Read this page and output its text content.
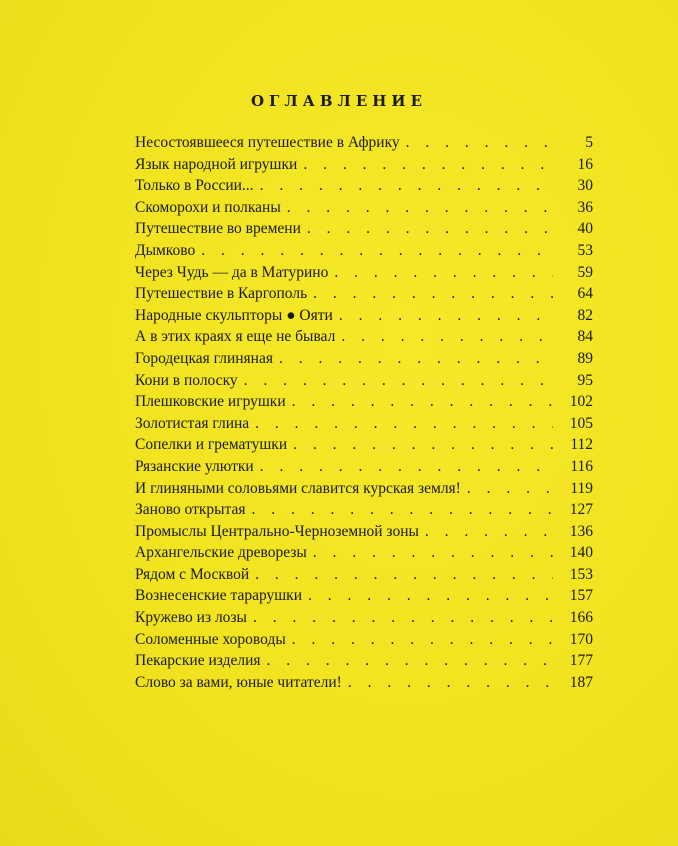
ОГЛАВЛЕНИЕ
Несостоявшееся путешествие в Африку . . .	5
Язык народной игрушки . . .	16
Только в России... . . .	30
Скоморохи и полканы . . .	36
Путешествие во времени . . .	40
Дымково . . .	53
Через Чудь — да в Матурино . . .	59
Путешествие в Каргополь . . .	64
Народные скульпторы ● Ояти . . .	82
А в этих краях я еще не бывал . . .	84
Городецкая глиняная . . .	89
Кони в полоску . . .	95
Плешковские игрушки . . .	102
Золотистая глина . . .	105
Сопелки и грематушки . . .	112
Рязанские улютки . . .	116
И глиняными соловьями славится курская земля! . . .	119
Заново открытая . . .	127
Промыслы Центрально-Черноземной зоны . . .	136
Архангельские древорезы . . .	140
Рядом с Москвой . . .	153
Вознесенские тарарушки . . .	157
Кружево из лозы . . .	166
Соломенные хороводы . . .	170
Пекарские изделия . . .	177
Слово за вами, юные читатели! . . .	187
